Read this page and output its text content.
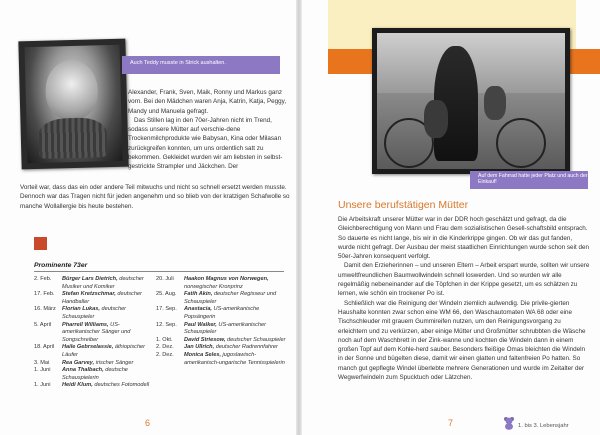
Auch Teddy musste in Strick aushalten.

Alexander, Frank, Sven, Maik, Ronny und Markus ganz vorn. Bei den Mädchen waren Anja, Katrin, Katja, Peggy, Mandy und Manuela gefragt.

Das Stillen lag in den 70er-Jahren nicht im Trend, sodass unsere Mütter auf verschie-dene Trockenmilchprodukte wie Babysan, Kina oder Milasan zurückgreifen konnten, um uns ordentlich satt zu bekommen. Gekleidet wurden wir am liebsten in selbst-gestrickte Strampler und Jäckchen. Der

Vorteil war, dass das ein oder andere Teil mitwuchs und nicht so schnell ersetzt werden musste. Dennoch war das Tragen nicht für jeden angenehm und so blieb von der kratzigen Schafwolle so manche Wollallergie bis heute bestehen.
Prominente 73er
2. Feb.	Bürger Lars Dietrich, deutscher Musiker und Komiker
17. Feb.	Stefan Kretzschmar, deutscher Handballer
16. März	Florian Lukas, deutscher Schauspieler
5. April	Pharrell Williams, US-amerikanischer Sänger und Songschreiber
18. April	Haile Gebrselassie, äthiopischer Läufer
3. Mai	Rea Garvey, irischer Sänger
1. Juni	Anna Thalbach, deutsche Schauspielerin
1. Juni	Heidi Klum, deutsches Fotomodell
20. Juli	Haakon Magnus von Norwegen, norwegischer Kronprinz
25. Aug.	Fatih Akin, deutscher Regisseur und Schauspieler
17. Sep.	Anastacia, US-amerikanische Popsängerin
12. Sep.	Paul Walker, US-amerikanischer Schauspieler
1. Okt.	David Striesow, deutscher Schauspieler
2. Dez.	Jan Ullrich, deutscher Radrennfahrer
2. Dez.	Monica Seles, jugoslawisch-amerikanisch-ungarische Tennisspielerin
6
Auf dem Fahrrad hatte jeder Platz und auch der Einkauf!
Unsere berufstätigen Mütter

Die Arbeitskraft unserer Mütter war in der DDR hoch geschätzt und gefragt, da die Gleichberechtigung von Mann und Frau dem sozialistischen Gesell-schaftsbild entsprach. So dauerte es nicht lange, bis wir in die Kinderkrippe gingen. Ob wir das gut fanden, wurde nicht gefragt. Der Ausbau der meist staatlichen Einrichtungen wurde schon seit den 50er-Jahren konsequent verfolgt.

Damit den Erzieherinnen – und unseren Eltern – Arbeit erspart wurde, sollten wir unsere umweltfreundlichen Baumwollwindeln schnell loswerden. Und so wurden wir alle regelmäßig nebeneinander auf die Töpfchen in der Krippe gesetzt, um es schätzen zu lernen, wie schön ein trockener Po ist.

Schließlich war die Reinigung der Windeln ziemlich aufwendig. Die privile-gierten Haushalte konnten zwar schon eine WM 66, den Waschautomaten WA 68 oder eine Tischschleuder mit grauem Gummireifen nutzen, um den Reinigungsvorgang zu erleichtern und zu verkürzen, aber einige Mütter und Großmütter schrubbten die Wäsche noch auf dem Waschbrett in der Zink-wanne und kochten die Windeln dann in einem großen Topf auf dem Kohle-herd sauber. Besonders fleißige Omas bleichten die Windeln in der Sonne und bügelten diese, damit wir einen glatten und faltenfreien Po hatten. So manch gut gepflegte Windel überlebte mehrere Generationen und wurde im Zeitalter der Wegwerfwindeln zum Spucktuch oder Lätzchen.

7	1. bis 3. Lebensjahr
